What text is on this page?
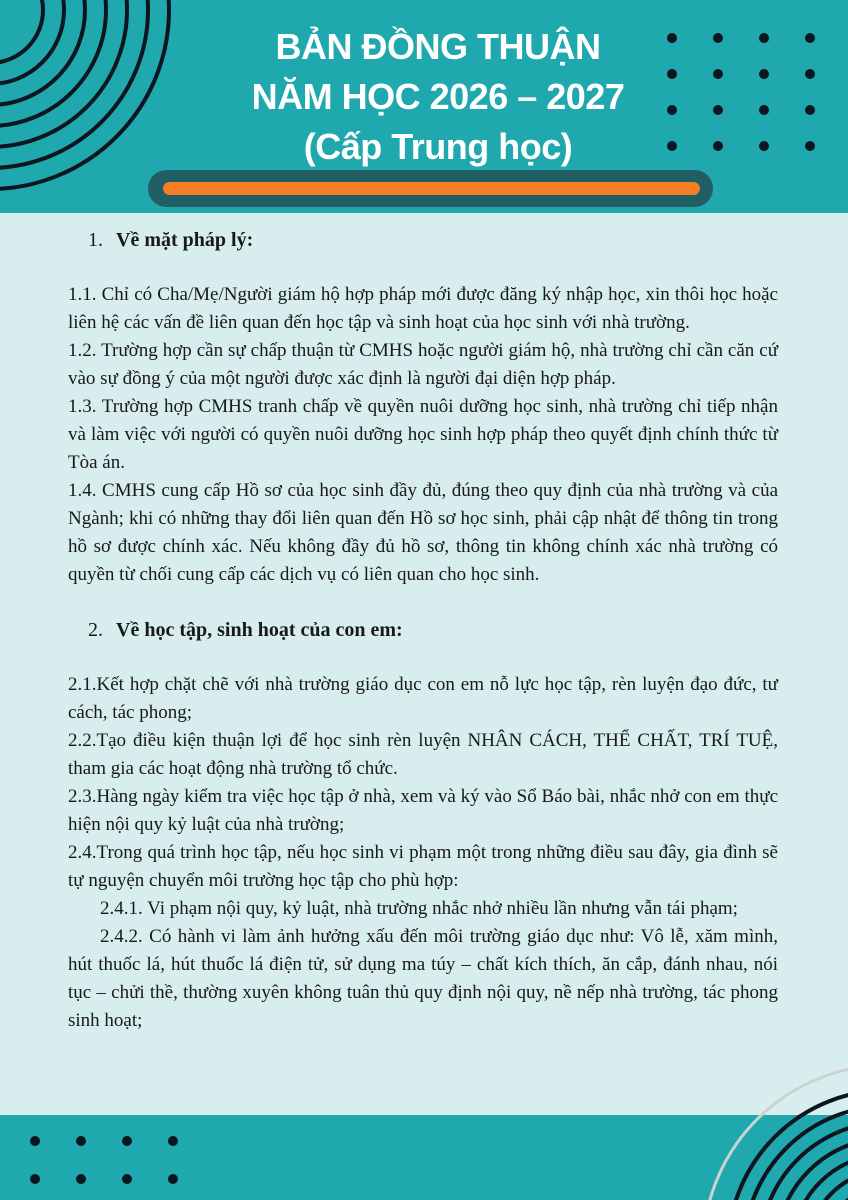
BẢN ĐỒNG THUẬN
NĂM HỌC 2026 – 2027
(Cấp Trung học)
1. Về mặt pháp lý:

1.1. Chỉ có Cha/Mẹ/Người giám hộ hợp pháp mới được đăng ký nhập học, xin thôi học hoặc liên hệ các vấn đề liên quan đến học tập và sinh hoạt của học sinh với nhà trường.

1.2. Trường hợp cần sự chấp thuận từ CMHS hoặc người giám hộ, nhà trường chỉ cần căn cứ vào sự đồng ý của một người được xác định là người đại diện hợp pháp.

1.3. Trường hợp CMHS tranh chấp về quyền nuôi dưỡng học sinh, nhà trường chỉ tiếp nhận và làm việc với người có quyền nuôi dưỡng học sinh hợp pháp theo quyết định chính thức từ Tòa án.

1.4. CMHS cung cấp Hồ sơ của học sinh đầy đủ, đúng theo quy định của nhà trường và của Ngành; khi có những thay đổi liên quan đến Hồ sơ học sinh, phải cập nhật để thông tin trong hồ sơ được chính xác. Nếu không đầy đủ hồ sơ, thông tin không chính xác nhà trường có quyền từ chối cung cấp các dịch vụ có liên quan cho học sinh.

2. Về học tập, sinh hoạt của con em:

2.1.Kết hợp chặt chẽ với nhà trường giáo dục con em nỗ lực học tập, rèn luyện đạo đức, tư cách, tác phong;

2.2.Tạo điều kiện thuận lợi để học sinh rèn luyện NHÂN CÁCH, THỂ CHẤT, TRÍ TUỆ, tham gia các hoạt động nhà trường tổ chức.

2.3.Hàng ngày kiểm tra việc học tập ở nhà, xem và ký vào Sổ Báo bài, nhắc nhở con em thực hiện nội quy kỷ luật của nhà trường;

2.4.Trong quá trình học tập, nếu học sinh vi phạm một trong những điều sau đây, gia đình sẽ tự nguyện chuyển môi trường học tập cho phù hợp:

2.4.1. Vi phạm nội quy, kỷ luật, nhà trường nhắc nhở nhiều lần nhưng vẫn tái phạm;

2.4.2. Có hành vi làm ảnh hưởng xấu đến môi trường giáo dục như: Vô lễ, xăm mình, hút thuốc lá, hút thuốc lá điện tử, sử dụng ma túy – chất kích thích, ăn cắp, đánh nhau, nói tục – chửi thề, thường xuyên không tuân thủ quy định nội quy, nề nếp nhà trường, tác phong sinh hoạt;
